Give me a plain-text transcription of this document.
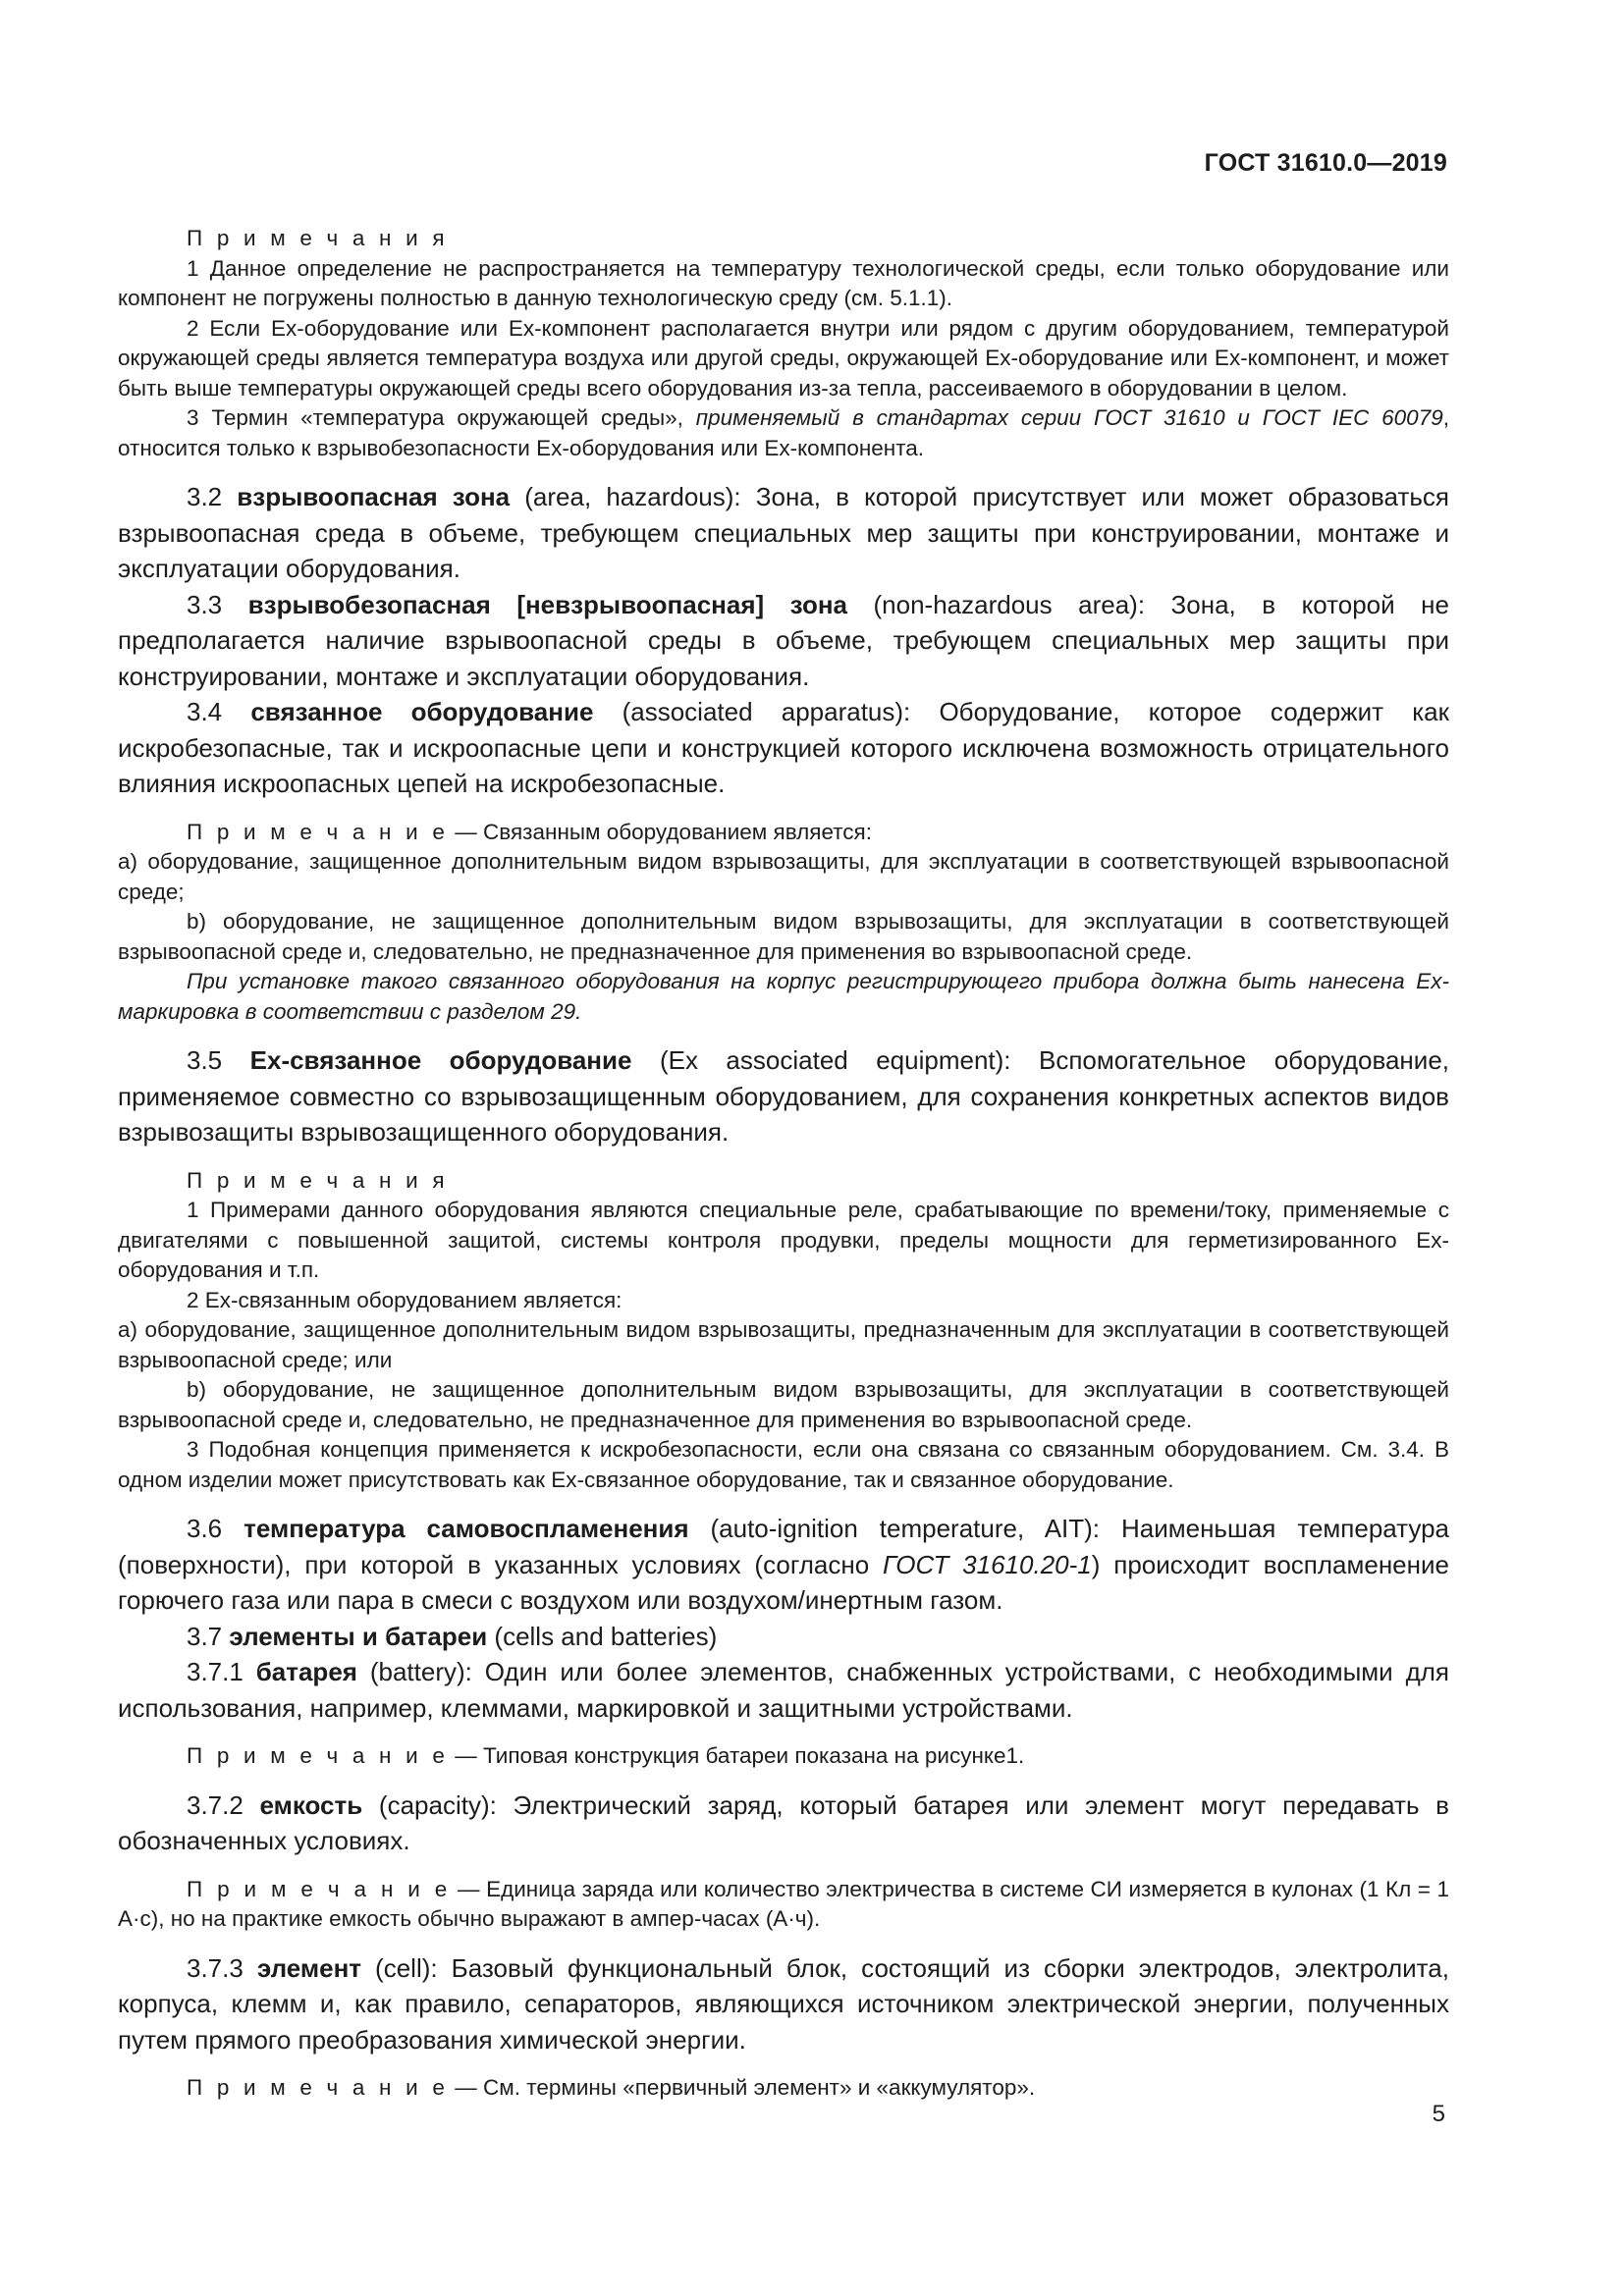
ГОСТ 31610.0—2019

П р и м е ч а н и я

1 Данное определение не распространяется на температуру технологической среды, если только оборудование или компонент не погружены полностью в данную технологическую среду (см. 5.1.1).

2 Если Ex-оборудование или Ex-компонент располагается внутри или рядом с другим оборудованием, температурой окружающей среды является температура воздуха или другой среды, окружающей Ex-оборудование или Ex-компонент, и может быть выше температуры окружающей среды всего оборудования из-за тепла, рассеиваемого в оборудовании в целом.

3 Термин «температура окружающей среды», применяемый в стандартах серии ГОСТ 31610 и ГОСТ IEC 60079, относится только к взрывобезопасности Ex-оборудования или Ex-компонента.

3.2 взрывоопасная зона (area, hazardous): Зона, в которой присутствует или может образоваться взрывоопасная среда в объеме, требующем специальных мер защиты при конструировании, монтаже и эксплуатации оборудования.

3.3 взрывобезопасная [невзрывоопасная] зона (non-hazardous area): Зона, в которой не предполагается наличие взрывоопасной среды в объеме, требующем специальных мер защиты при конструировании, монтаже и эксплуатации оборудования.

3.4 связанное оборудование (associated apparatus): Оборудование, которое содержит как искробезопасные, так и искроопасные цепи и конструкцией которого исключена возможность отрицательного влияния искроопасных цепей на искробезопасные.

П р и м е ч а н и е — Связанным оборудованием является:

а) оборудование, защищенное дополнительным видом взрывозащиты, для эксплуатации в соответствующей взрывоопасной среде;

b) оборудование, не защищенное дополнительным видом взрывозащиты, для эксплуатации в соответствующей взрывоопасной среде и, следовательно, не предназначенное для применения во взрывоопасной среде.

При установке такого связанного оборудования на корпус регистрирующего прибора должна быть нанесена Ex-маркировка в соответствии с разделом 29.

3.5 Ex-связанное оборудование (Ex associated equipment): Вспомогательное оборудование, применяемое совместно со взрывозащищенным оборудованием, для сохранения конкретных аспектов видов взрывозащиты взрывозащищенного оборудования.

П р и м е ч а н и я

1 Примерами данного оборудования являются специальные реле, срабатывающие по времени/току, применяемые с двигателями с повышенной защитой, системы контроля продувки, пределы мощности для герметизированного Ex-оборудования и т.п.

2 Ex-связанным оборудованием является:

а) оборудование, защищенное дополнительным видом взрывозащиты, предназначенным для эксплуатации в соответствующей взрывоопасной среде; или

b) оборудование, не защищенное дополнительным видом взрывозащиты, для эксплуатации в соответствующей взрывоопасной среде и, следовательно, не предназначенное для применения во взрывоопасной среде.

3 Подобная концепция применяется к искробезопасности, если она связана со связанным оборудованием. См. 3.4. В одном изделии может присутствовать как Ex-связанное оборудование, так и связанное оборудование.

3.6 температура самовоспламенения (auto-ignition temperature, AIT): Наименьшая температура (поверхности), при которой в указанных условиях (согласно ГОСТ 31610.20-1) происходит воспламенение горючего газа или пара в смеси с воздухом или воздухом/инертным газом.

3.7 элементы и батареи (cells and batteries)

3.7.1 батарея (battery): Один или более элементов, снабженных устройствами, с необходимыми для использования, например, клеммами, маркировкой и защитными устройствами.

П р и м е ч а н и е — Типовая конструкция батареи показана на рисунке1.

3.7.2 емкость (capacity): Электрический заряд, который батарея или элемент могут передавать в обозначенных условиях.

П р и м е ч а н и е — Единица заряда или количество электричества в системе СИ измеряется в кулонах (1 Кл = 1 А·с), но на практике емкость обычно выражают в ампер-часах (А·ч).

3.7.3 элемент (cell): Базовый функциональный блок, состоящий из сборки электродов, электролита, корпуса, клемм и, как правило, сепараторов, являющихся источником электрической энергии, полученных путем прямого преобразования химической энергии.

П р и м е ч а н и е — См. термины «первичный элемент» и «аккумулятор».

5
